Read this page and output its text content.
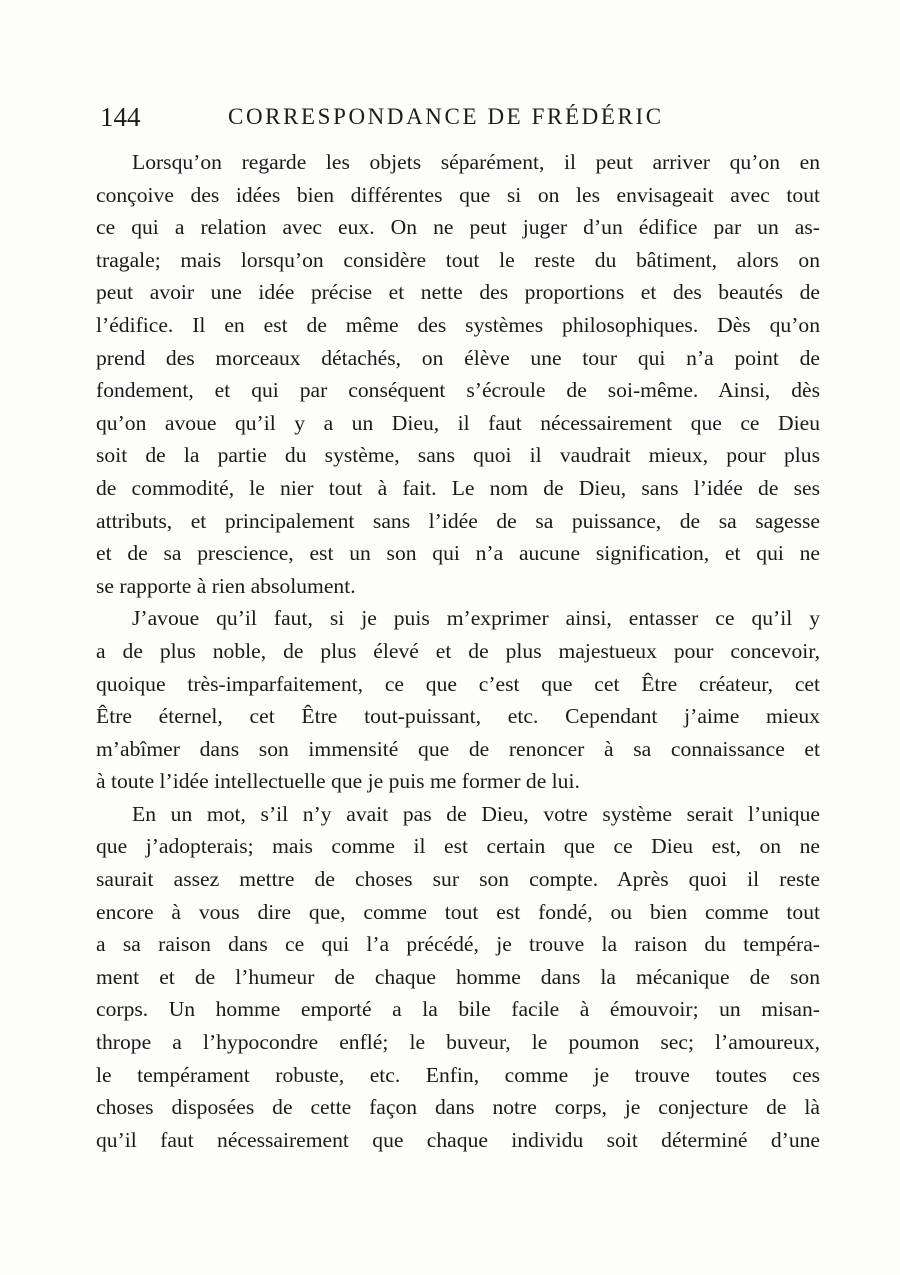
144	CORRESPONDANCE DE FRÉDÉRIC

Lorsqu’on regarde les objets séparément, il peut arriver qu’on en
conçoive des idées bien différentes que si on les envisageait avec tout
ce qui a relation avec eux. On ne peut juger d’un édifice par un as-
tragale; mais lorsqu’on considère tout le reste du bâtiment, alors on
peut avoir une idée précise et nette des proportions et des beautés de
l’édifice. Il en est de même des systèmes philosophiques. Dès qu’on
prend des morceaux détachés, on élève une tour qui n’a point de
fondement, et qui par conséquent s’écroule de soi-même. Ainsi, dès
qu’on avoue qu’il y a un Dieu, il faut nécessairement que ce Dieu
soit de la partie du système, sans quoi il vaudrait mieux, pour plus
de commodité, le nier tout à fait. Le nom de Dieu, sans l’idée de ses
attributs, et principalement sans l’idée de sa puissance, de sa sagesse
et de sa prescience, est un son qui n’a aucune signification, et qui ne
se rapporte à rien absolument.

J’avoue qu’il faut, si je puis m’exprimer ainsi, entasser ce qu’il y
a de plus noble, de plus élevé et de plus majestueux pour concevoir,
quoique très-imparfaitement, ce que c’est que cet Être créateur, cet
Être éternel, cet Être tout-puissant, etc. Cependant j’aime mieux
m’abîmer dans son immensité que de renoncer à sa connaissance et
à toute l’idée intellectuelle que je puis me former de lui.

En un mot, s’il n’y avait pas de Dieu, votre système serait l’unique
que j’adopterais; mais comme il est certain que ce Dieu est, on ne
saurait assez mettre de choses sur son compte. Après quoi il reste
encore à vous dire que, comme tout est fondé, ou bien comme tout
a sa raison dans ce qui l’a précédé, je trouve la raison du tempéra-
ment et de l’humeur de chaque homme dans la mécanique de son
corps. Un homme emporté a la bile facile à émouvoir; un misan-
thrope a l’hypocondre enflé; le buveur, le poumon sec; l’amoureux,
le tempérament robuste, etc. Enfin, comme je trouve toutes ces
choses disposées de cette façon dans notre corps, je conjecture de là
qu’il faut nécessairement que chaque individu soit déterminé d’une
